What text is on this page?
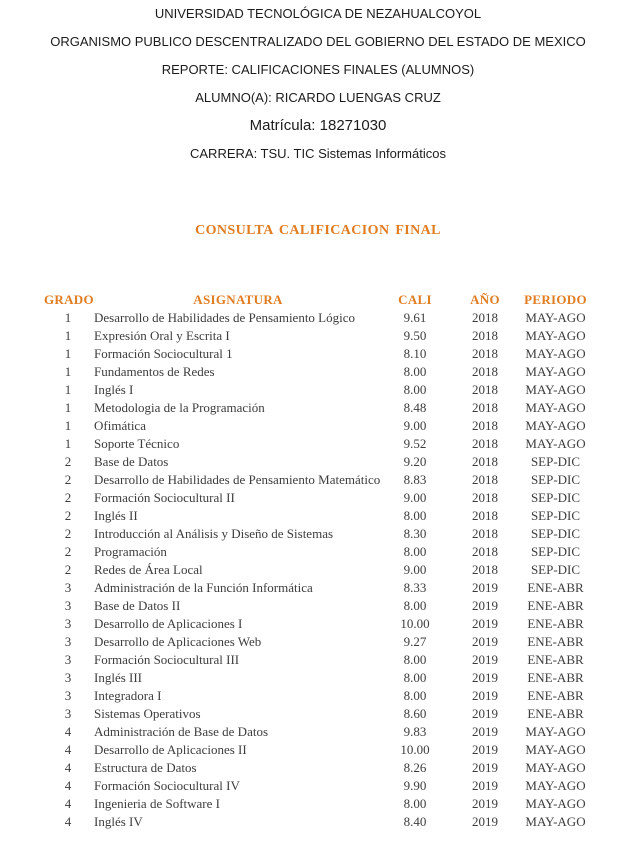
UNIVERSIDAD TECNOLÓGICA DE NEZAHUALCOYOL
ORGANISMO PUBLICO DESCENTRALIZADO DEL GOBIERNO DEL ESTADO DE MEXICO
REPORTE: CALIFICACIONES FINALES (ALUMNOS)
ALUMNO(A): RICARDO LUENGAS CRUZ
Matrícula: 18271030
CARRERA: TSU. TIC Sistemas Informáticos
CONSULTA CALIFICACION FINAL
GRADO	ASIGNATURA	CALI	AÑO	PERIODO
1	Desarrollo de Habilidades de Pensamiento Lógico	9.61	2018	MAY-AGO
1	Expresión Oral y Escrita I	9.50	2018	MAY-AGO
1	Formación Sociocultural 1	8.10	2018	MAY-AGO
1	Fundamentos de Redes	8.00	2018	MAY-AGO
1	Inglés I	8.00	2018	MAY-AGO
1	Metodologia de la Programación	8.48	2018	MAY-AGO
1	Ofimática	9.00	2018	MAY-AGO
1	Soporte Técnico	9.52	2018	MAY-AGO
2	Base de Datos	9.20	2018	SEP-DIC
2	Desarrollo de Habilidades de Pensamiento Matemático	8.83	2018	SEP-DIC
2	Formación Sociocultural II	9.00	2018	SEP-DIC
2	Inglés II	8.00	2018	SEP-DIC
2	Introducción al Análisis y Diseño de Sistemas	8.30	2018	SEP-DIC
2	Programación	8.00	2018	SEP-DIC
2	Redes de Área Local	9.00	2018	SEP-DIC
3	Administración de la Función Informática	8.33	2019	ENE-ABR
3	Base de Datos II	8.00	2019	ENE-ABR
3	Desarrollo de Aplicaciones I	10.00	2019	ENE-ABR
3	Desarrollo de Aplicaciones Web	9.27	2019	ENE-ABR
3	Formación Sociocultural III	8.00	2019	ENE-ABR
3	Inglés III	8.00	2019	ENE-ABR
3	Integradora I	8.00	2019	ENE-ABR
3	Sistemas Operativos	8.60	2019	ENE-ABR
4	Administración de Base de Datos	9.83	2019	MAY-AGO
4	Desarrollo de Aplicaciones II	10.00	2019	MAY-AGO
4	Estructura de Datos	8.26	2019	MAY-AGO
4	Formación Sociocultural IV	9.90	2019	MAY-AGO
4	Ingenieria de Software I	8.00	2019	MAY-AGO
4	Inglés IV	8.40	2019	MAY-AGO
